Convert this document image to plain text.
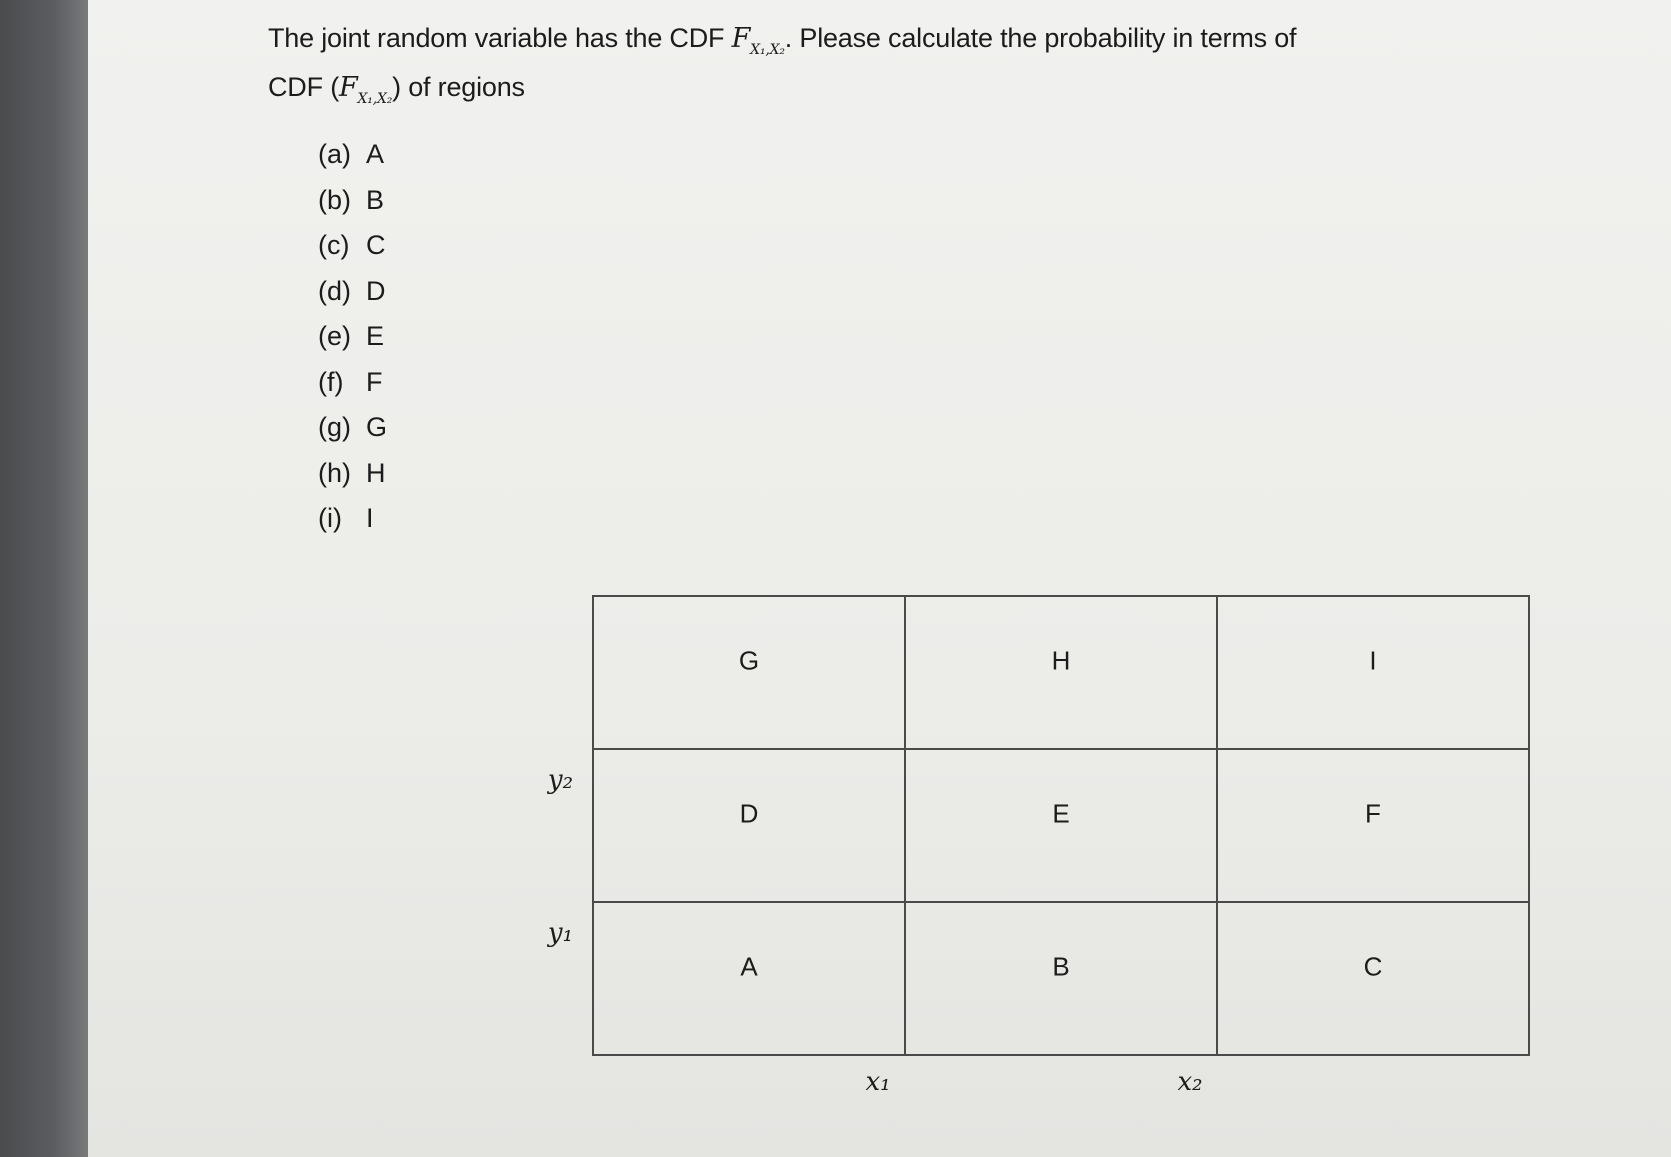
The joint random variable has the CDF $F_{X_1,X_2}$. Please calculate the probability in terms of
CDF $(F_{X_1,X_2})$ of regions
(a) A
(b) B
(c) C
(d) D
(e) E
(f) F
(g) G
(h) H
(i) I
G	H	I
D	E	F
A	B	C
y₂
y₁
x₁	x₂
